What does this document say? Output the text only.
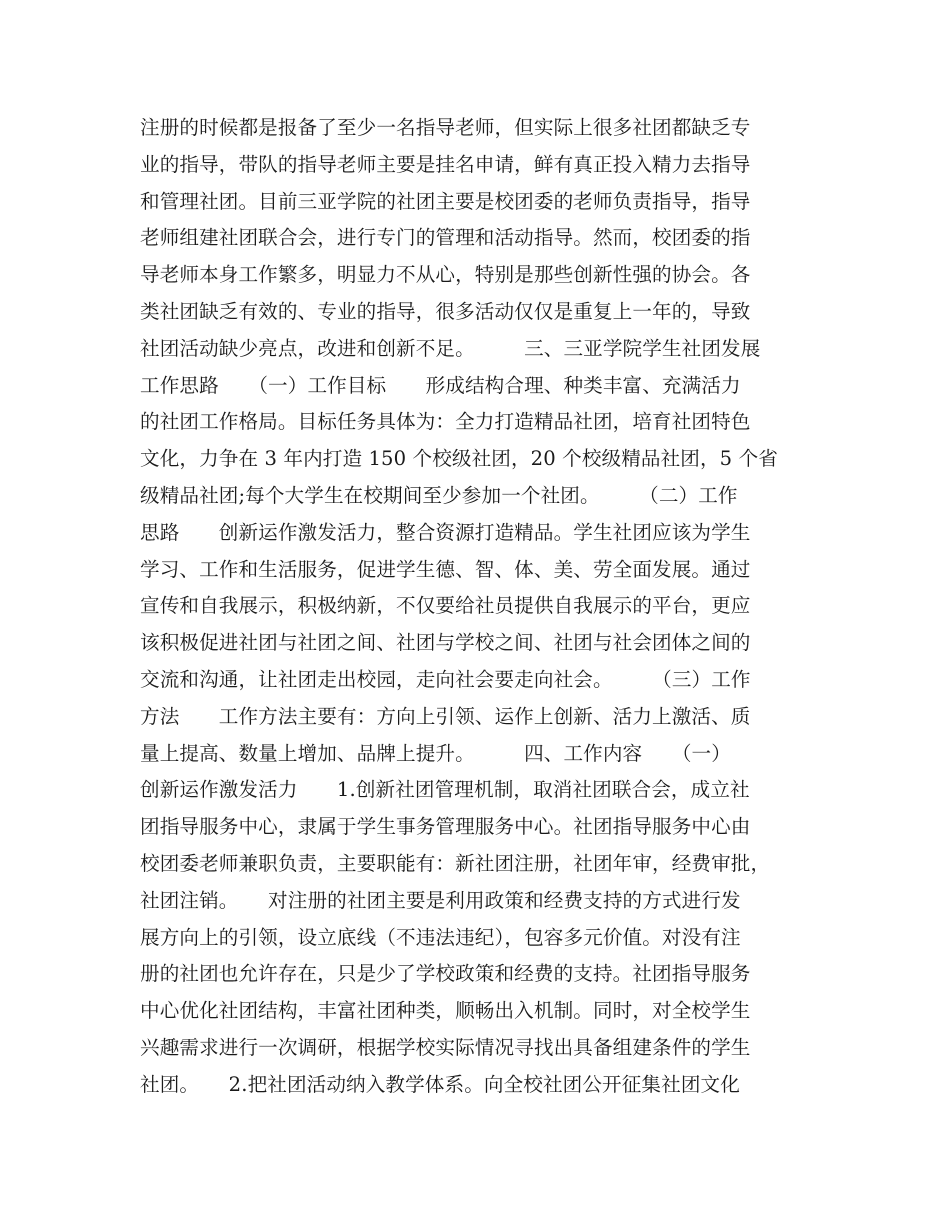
注册的时候都是报备了至少一名指导老师，但实际上很多社团都缺乏专
业的指导，带队的指导老师主要是挂名申请，鲜有真正投入精力去指导
和管理社团。目前三亚学院的社团主要是校团委的老师负责指导，指导
老师组建社团联合会，进行专门的管理和活动指导。然而，校团委的指
导老师本身工作繁多，明显力不从心，特别是那些创新性强的协会。各
类社团缺乏有效的、专业的指导，很多活动仅仅是重复上一年的，导致
社团活动缺少亮点，改进和创新不足。　　　三、三亚学院学生社团发展
工作思路　　（一）工作目标　　形成结构合理、种类丰富、充满活力
的社团工作格局。目标任务具体为：全力打造精品社团，培育社团特色
文化，力争在 3 年内打造 150 个校级社团，20 个校级精品社团，5 个省
级精品社团;每个大学生在校期间至少参加一个社团。　　　（二）工作
思路　　创新运作激发活力，整合资源打造精品。学生社团应该为学生
学习、工作和生活服务，促进学生德、智、体、美、劳全面发展。通过
宣传和自我展示，积极纳新，不仅要给社员提供自我展示的平台，更应
该积极促进社团与社团之间、社团与学校之间、社团与社会团体之间的
交流和沟通，让社团走出校园，走向社会要走向社会。　　　（三）工作
方法　　工作方法主要有：方向上引领、运作上创新、活力上激活、质
量上提高、数量上增加、品牌上提升。　　　四、工作内容　　（一）
创新运作激发活力　　1.创新社团管理机制，取消社团联合会，成立社
团指导服务中心，隶属于学生事务管理服务中心。社团指导服务中心由
校团委老师兼职负责，主要职能有：新社团注册，社团年审，经费审批，
社团注销。　　对注册的社团主要是利用政策和经费支持的方式进行发
展方向上的引领，设立底线（不违法违纪），包容多元价值。对没有注
册的社团也允许存在，只是少了学校政策和经费的支持。社团指导服务
中心优化社团结构，丰富社团种类，顺畅出入机制。同时，对全校学生
兴趣需求进行一次调研，根据学校实际情况寻找出具备组建条件的学生
社团。　　2.把社团活动纳入教学体系。向全校社团公开征集社团文化
